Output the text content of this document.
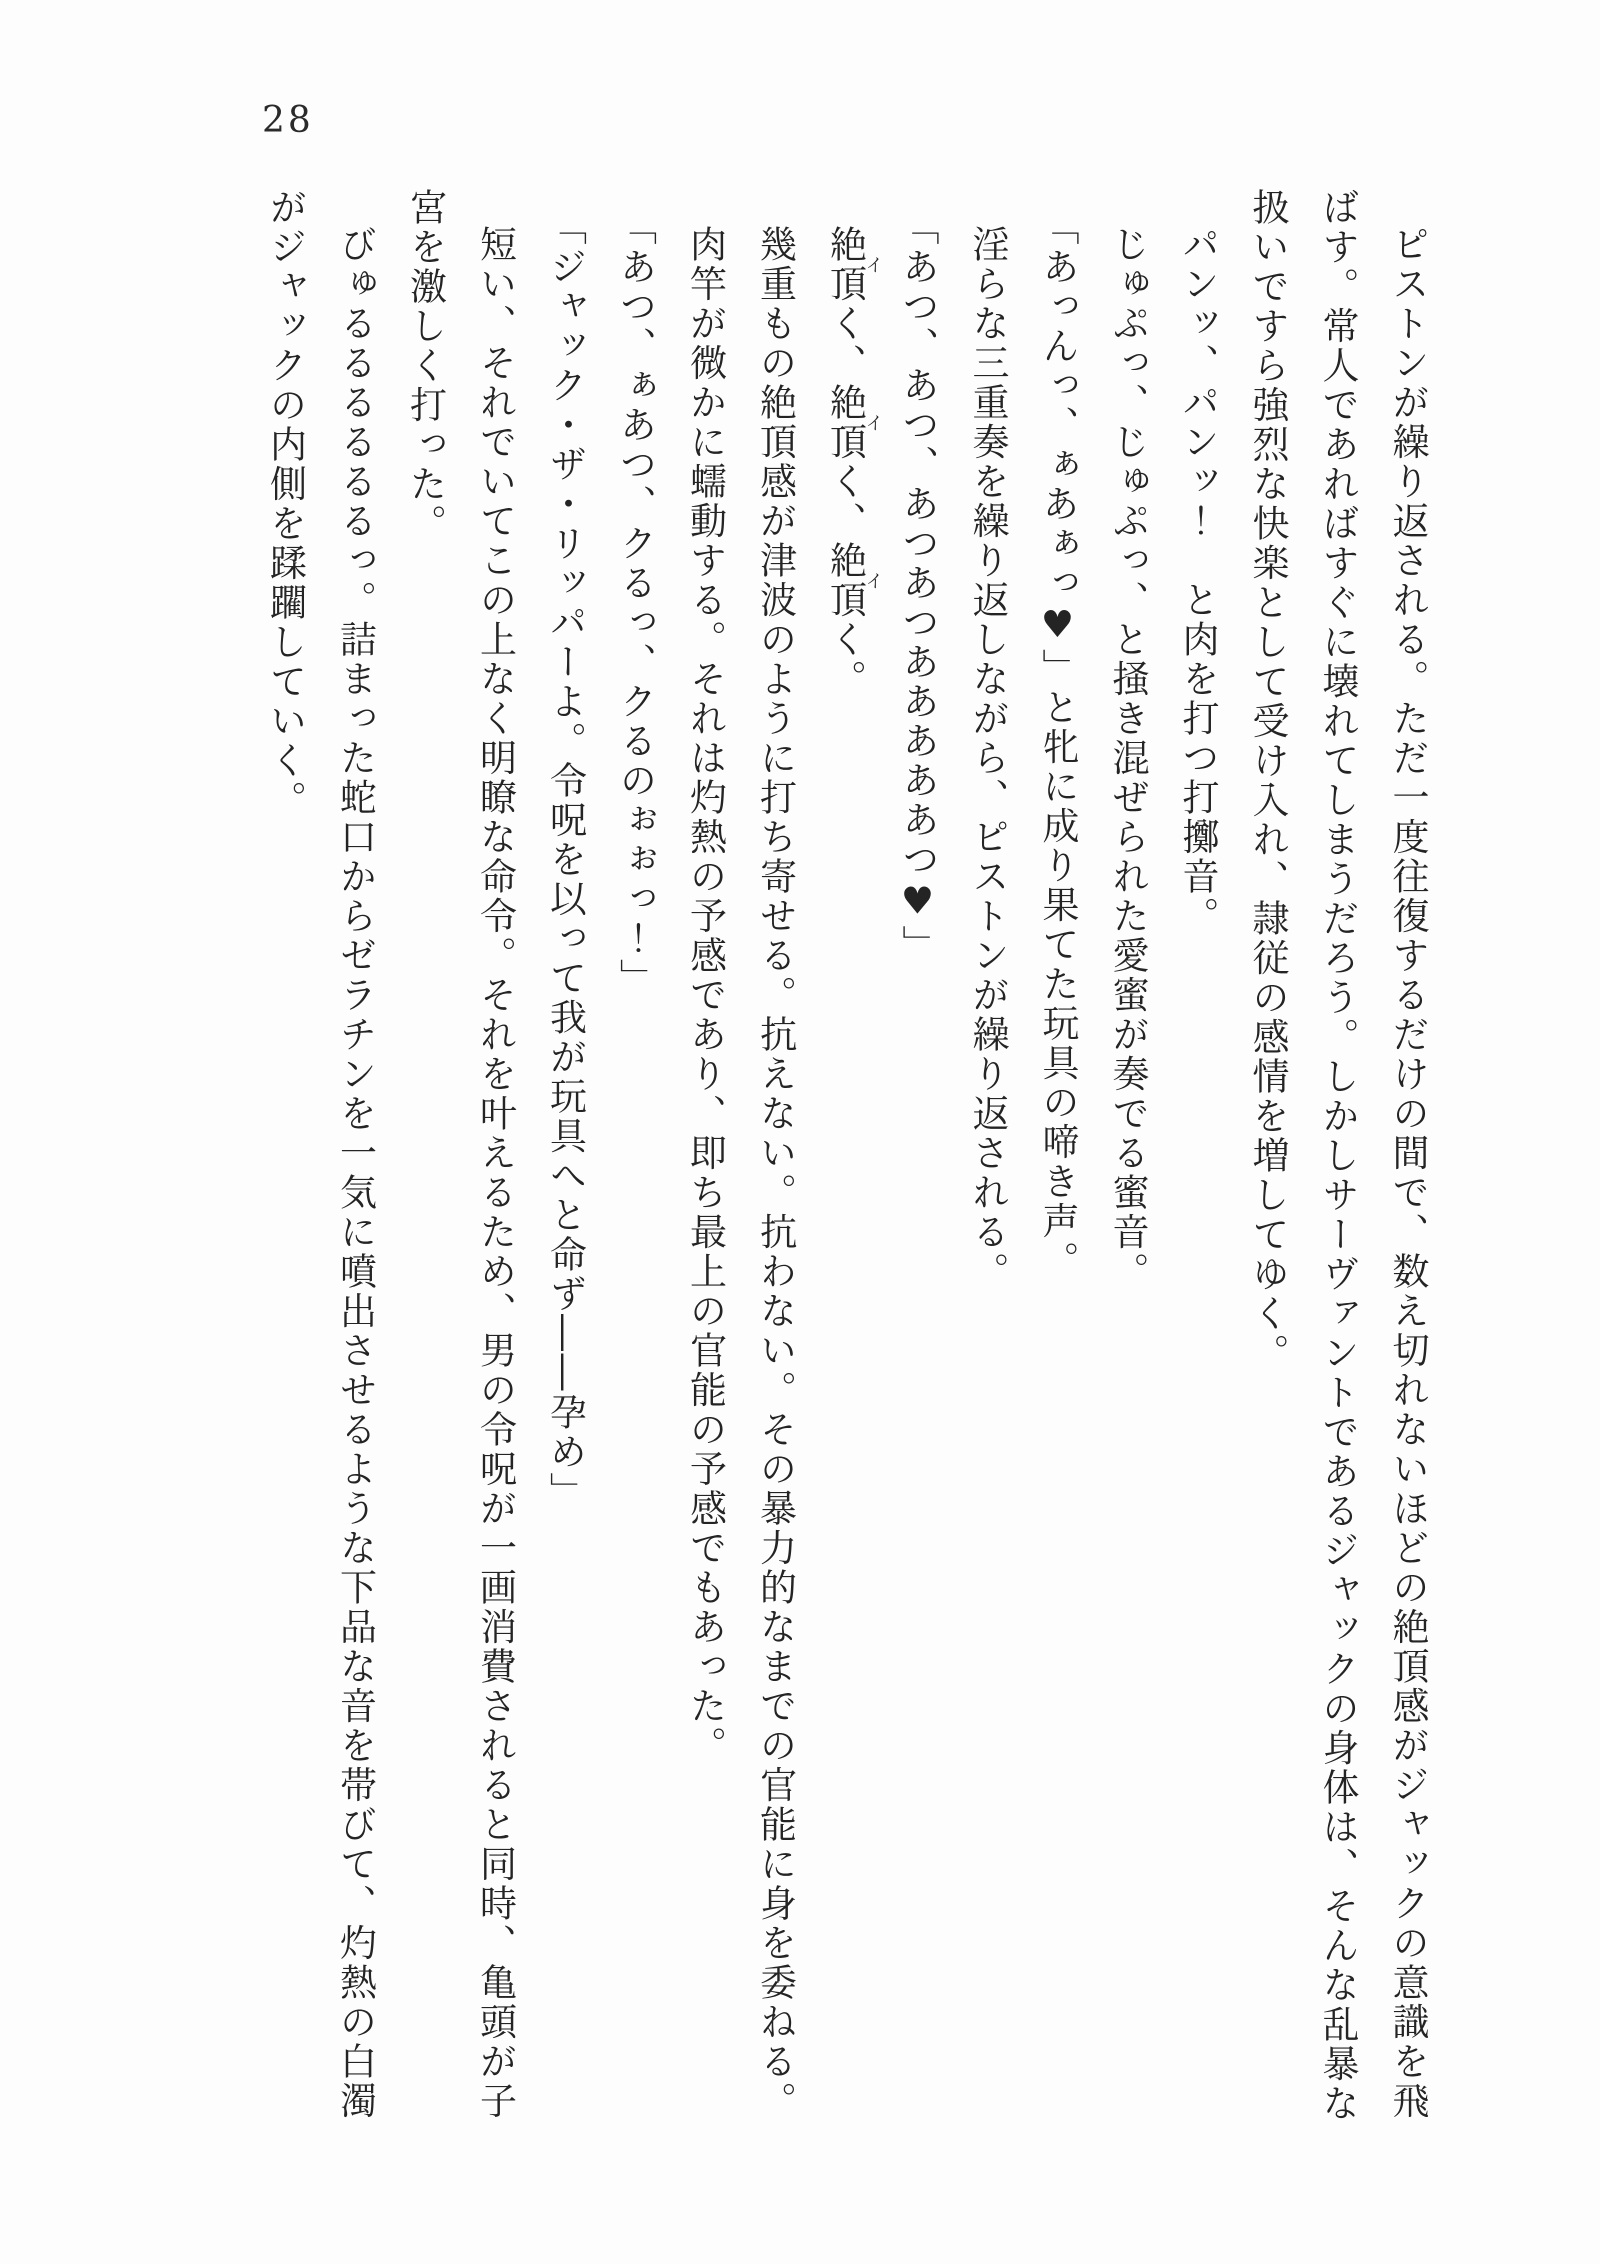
28

ピストンが繰り返される。ただ一度往復するだけの間で、数え切れないほどの絶頂感がジャックの意識を飛ばす。常人であればすぐに壊れてしまうだろう。しかしサーヴァントであるジャックの身体は、そんな乱暴な扱いですら強烈な快楽として受け入れ、隷従の感情を増してゆく。

パンッ、パンッ！　と肉を打つ打擲音。

じゅぷっ、じゅぷっ、と掻き混ぜられた愛蜜が奏でる蜜音。

「あっんっ、ぁあぁっ♥」と牝に成り果てた玩具の啼き声。

淫らな三重奏を繰り返しながら、ピストンが繰り返される。

「あつ、あつ、あつあつあああああつ♥」

絶頂イく、絶頂イく、絶頂イく。

幾重もの絶頂感が津波のように打ち寄せる。抗えない。抗わない。その暴力的なまでの官能に身を委ねる。

肉竿が微かに蠕動する。それは灼熱の予感であり、即ち最上の官能の予感でもあった。

「あつ、ぁあつ、クるっ、クるのぉぉっ！」

「ジャック・ザ・リッパーよ。令呪を以って我が玩具へと命ず――孕め」

短い、それでいてこの上なく明瞭な命令。それを叶えるため、男の令呪が一画消費されると同時、亀頭が子宮を激しく打った。

びゅるるるるるるっ。詰まった蛇口からゼラチンを一気に噴出させるような下品な音を帯びて、灼熱の白濁がジャックの内側を蹂躙していく。
